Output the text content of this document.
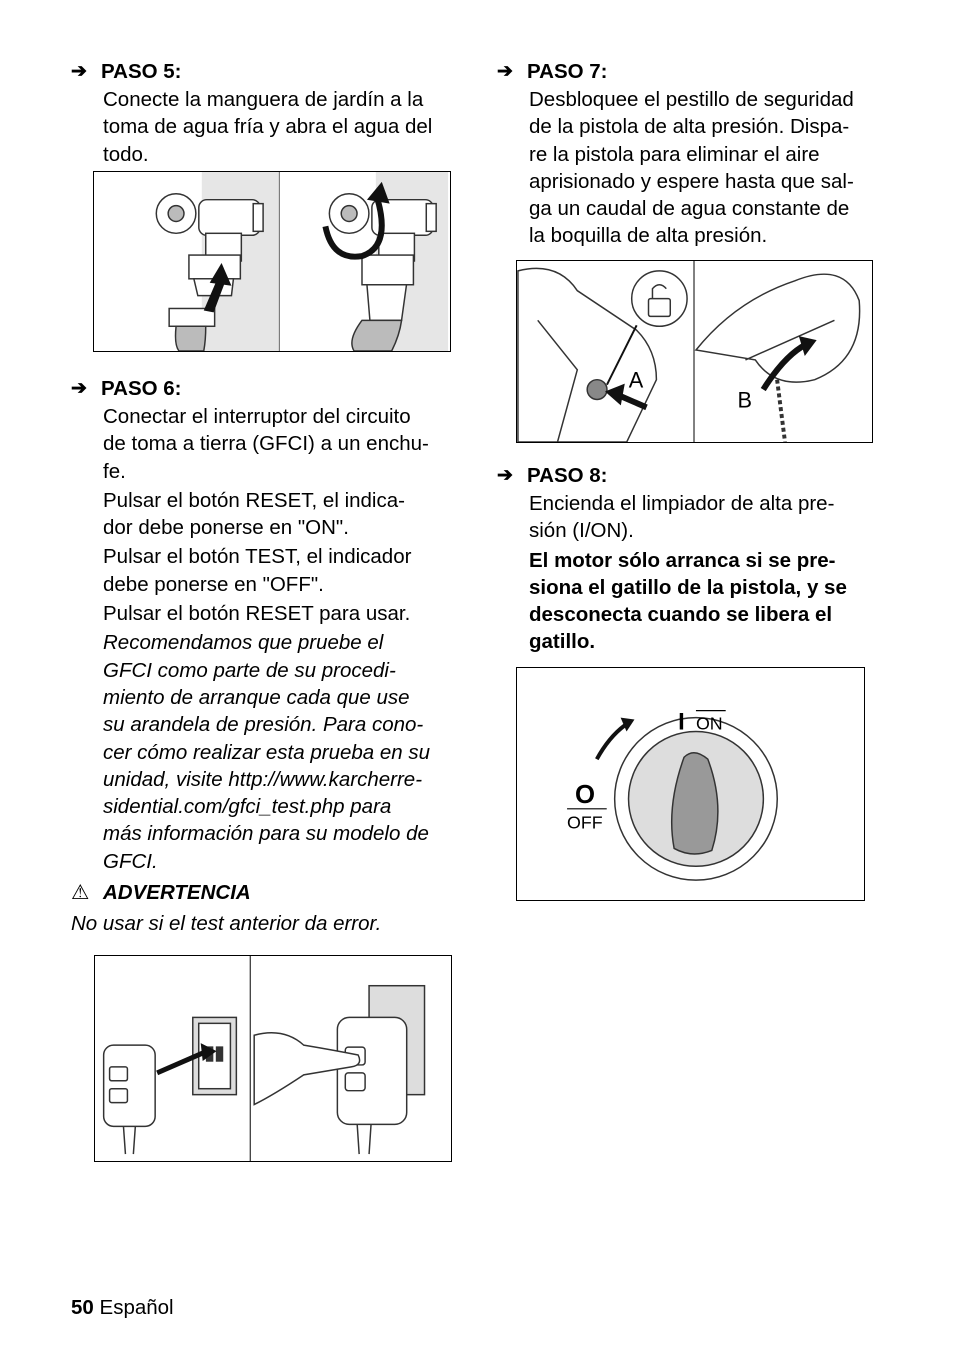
➔ PASO 5:
Conecte la manguera de jardín a la
toma de agua fría y abra el agua del
todo.
➔ PASO 6:
Conectar el interruptor del circuito
de toma a tierra (GFCI) a un enchu-
fe.
Pulsar el botón RESET, el indica-
dor debe ponerse en "ON".
Pulsar el botón TEST, el indicador
debe ponerse en "OFF".
Pulsar el botón RESET para usar.
Recomendamos que pruebe el
GFCI como parte de su procedi-
miento de arranque cada que use
su arandela de presión. Para cono-
cer cómo realizar esta prueba en su
unidad, visite http://www.karcherre-
sidential.com/gfci_test.php para
más información para su modelo de
GFCI.
⚠ ADVERTENCIA
No usar si el test anterior da error.
➔ PASO 7:
Desbloquee el pestillo de seguridad
de la pistola de alta presión. Dispa-
re la pistola para eliminar el aire
aprisionado y espere hasta que sal-
ga un caudal de agua constante de
la boquilla de alta presión.
A
B
➔ PASO 8:
Encienda el limpiador de alta pre-
sión (I/ON).
El motor sólo arranca si se pre-
siona el gatillo de la pistola, y se
desconecta cuando se libera el
gatillo.
I ON
O
OFF
50 Español
